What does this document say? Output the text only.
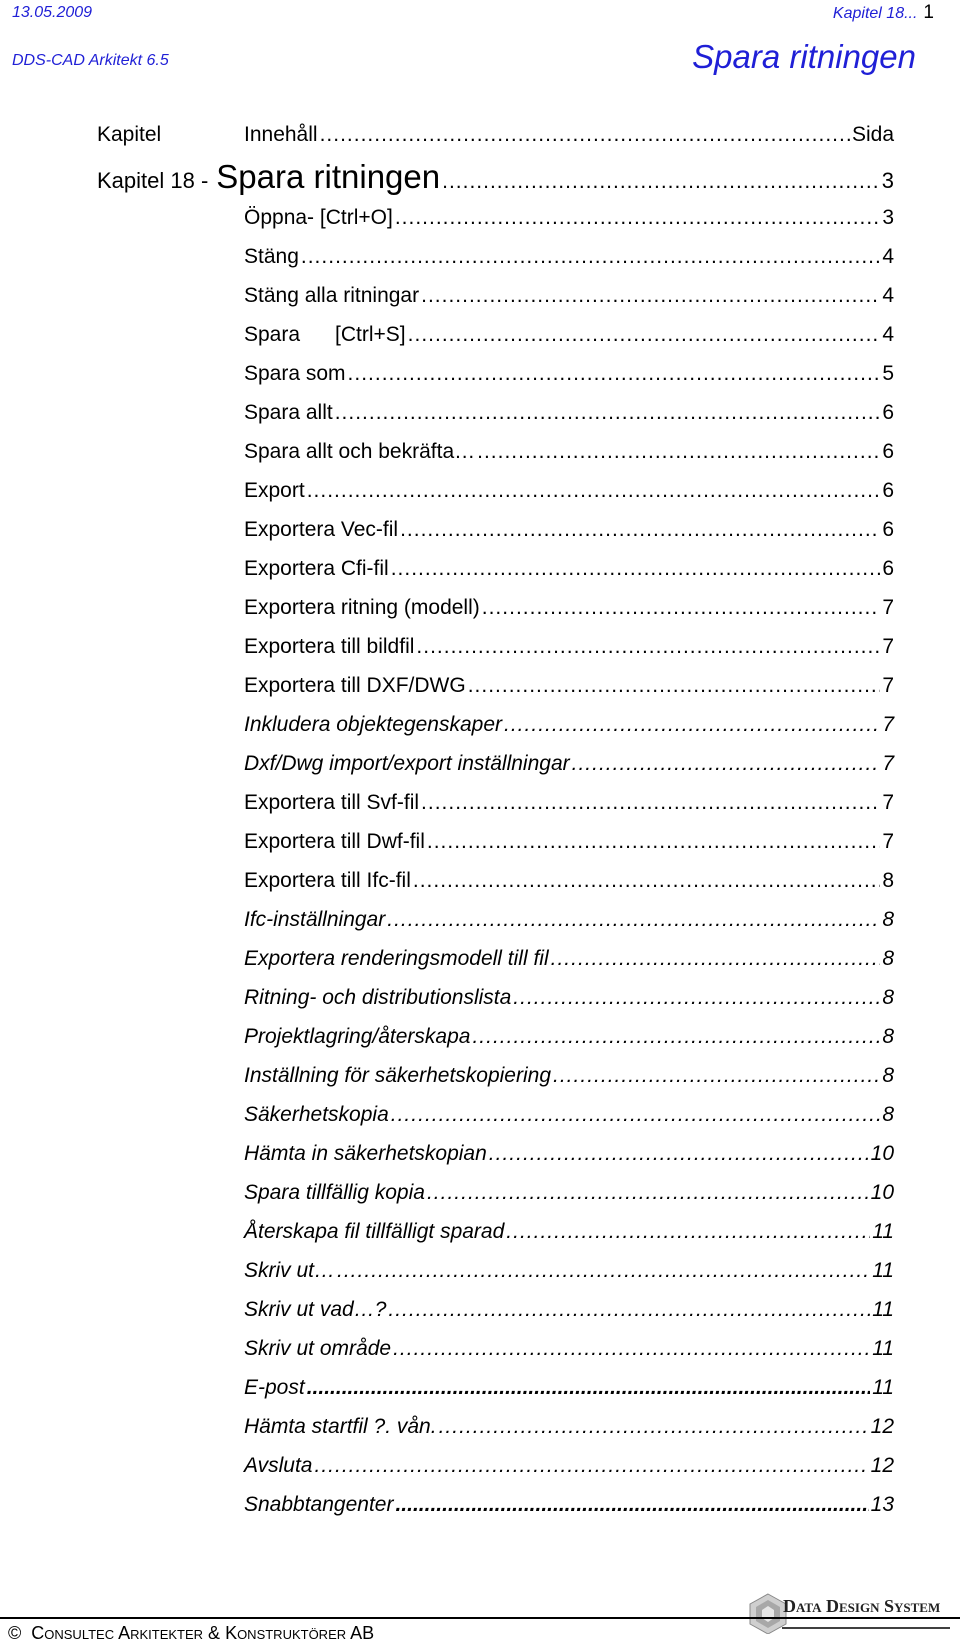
13.05.2009	Kapitel 18... 1
DDS-CAD Arkitekt 6.5	Spara ritningen
Kapitel	Innehåll .....	Sida
Kapitel 18 - Spara ritningen .....	3
Öppna- [Ctrl+O] .....	3
Stäng .....	4
Stäng alla ritningar .....	4
Spara      [Ctrl+S] .....	4
Spara som .....	5
Spara allt .....	6
Spara allt och bekräfta… .....	6
Export .....	6
Exportera Vec-fil .....	6
Exportera Cfi-fil .....	6
Exportera ritning (modell) .....	7
Exportera till bildfil .....	7
Exportera till DXF/DWG .....	7
Inkludera objektegenskaper .....	7
Dxf/Dwg import/export inställningar .....	7
Exportera till Svf-fil .....	7
Exportera till Dwf-fil .....	7
Exportera till Ifc-fil .....	8
Ifc-inställningar .....	8
Exportera renderingsmodell till fil .....	8
Ritning- och distributionslista .....	8
Projektlagring/återskapa .....	8
Inställning för säkerhetskopiering .....	8
Säkerhetskopia .....	8
Hämta in säkerhetskopian .....	10
Spara tillfällig kopia .....	10
Återskapa fil tillfälligt sparad .....	11
Skriv ut… .....	11
Skriv ut vad…? .....	11
Skriv ut område .....	11
E-post .....	11
Hämta startfil ?. vån. .....	12
Avsluta .....	12
Snabbtangenter .....	13
Data Design System
© Consultec Arkitekter & Konstruktörer AB
